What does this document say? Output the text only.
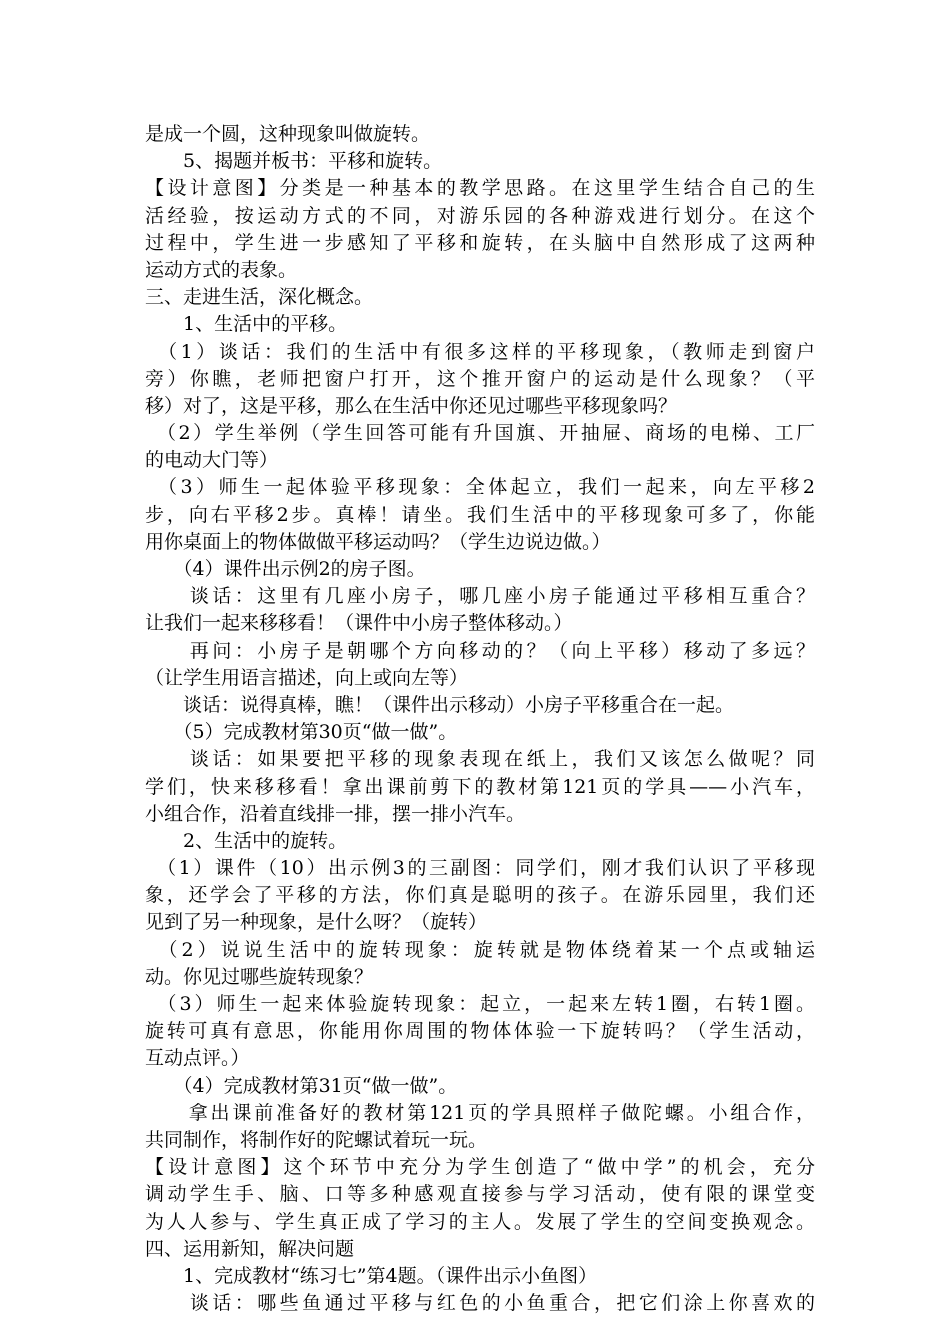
是成一个圆，这种现象叫做旋转。
　　5、揭题并板书：平移和旋转。
【设计意图】分类是一种基本的教学思路。在这里学生结合自己的生
活经验，按运动方式的不同，对游乐园的各种游戏进行划分。在这个
过程中，学生进一步感知了平移和旋转，在头脑中自然形成了这两种
运动方式的表象。
三、走进生活，深化概念。
　　1、生活中的平移。
　（1）谈话：我们的生活中有很多这样的平移现象，（教师走到窗户
旁）你瞧，老师把窗户打开，这个推开窗户的运动是什么现象？（平
移）对了，这是平移，那么在生活中你还见过哪些平移现象吗？
　（2）学生举例（学生回答可能有升国旗、开抽屉、商场的电梯、工厂
的电动大门等）
　（3）师生一起体验平移现象：全体起立，我们一起来，向左平移2
步，向右平移2步。真棒！请坐。我们生活中的平移现象可多了，你能
用你桌面上的物体做做平移运动吗？（学生边说边做。）
　　（4）课件出示例2的房子图。
　　谈话：这里有几座小房子，哪几座小房子能通过平移相互重合？
让我们一起来移移看！（课件中小房子整体移动。）
　　再问：小房子是朝哪个方向移动的？（向上平移）移动了多远？
（让学生用语言描述，向上或向左等）
　　谈话：说得真棒，瞧！（课件出示移动）小房子平移重合在一起。
　　（5）完成教材第30页“做一做”。
　　谈话：如果要把平移的现象表现在纸上，我们又该怎么做呢？同
学们，快来移移看！拿出课前剪下的教材第121页的学具——小汽车，
小组合作，沿着直线排一排，摆一排小汽车。
　　2、生活中的旋转。
　（1）课件（10）出示例3的三副图：同学们，刚才我们认识了平移现
象，还学会了平移的方法，你们真是聪明的孩子。在游乐园里，我们还
见到了另一种现象，是什么呀？（旋转）
　（2）说说生活中的旋转现象：旋转就是物体绕着某一个点或轴运
动。你见过哪些旋转现象？
　（3）师生一起来体验旋转现象：起立，一起来左转1圈，右转1圈。
旋转可真有意思，你能用你周围的物体体验一下旋转吗？（学生活动，
互动点评。）
　　（4）完成教材第31页“做一做”。
　　拿出课前准备好的教材第121页的学具照样子做陀螺。小组合作，
共同制作，将制作好的陀螺试着玩一玩。
【设计意图】这个环节中充分为学生创造了“做中学”的机会，充分
调动学生手、脑、口等多种感观直接参与学习活动，使有限的课堂变
为人人参与、学生真正成了学习的主人。发展了学生的空间变换观念。
四、运用新知，解决问题
　　1、完成教材“练习七”第4题。（课件出示小鱼图）
　　谈话：哪些鱼通过平移与红色的小鱼重合，把它们涂上你喜欢的
